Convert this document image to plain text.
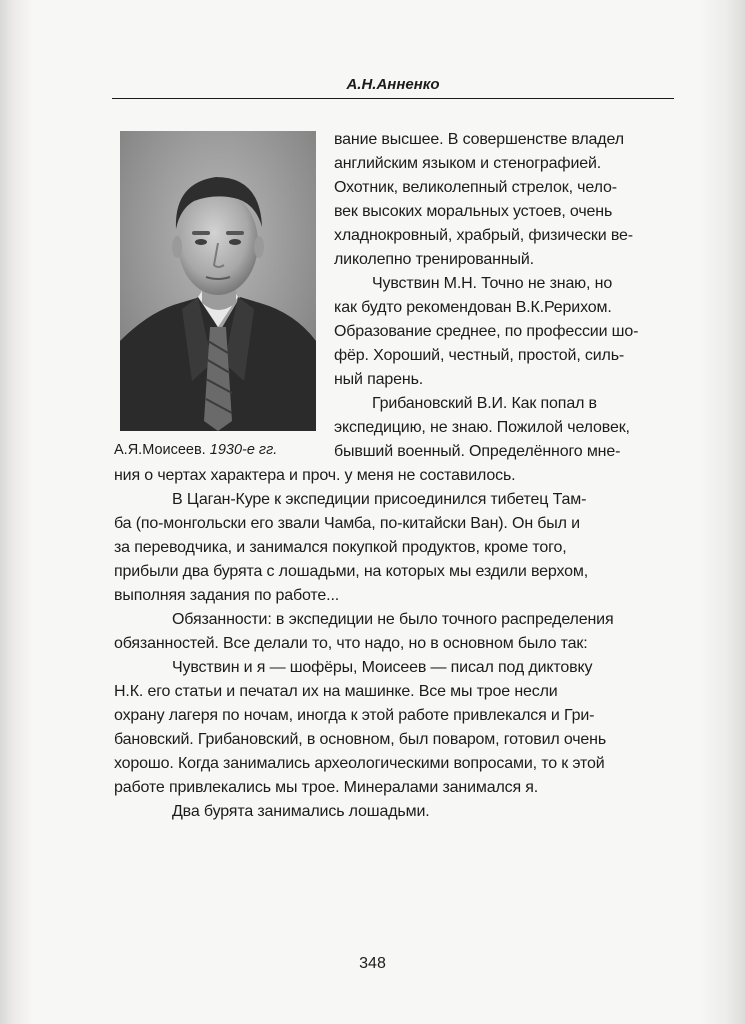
А.Н.Анненко
А.Я.Моисеев. 1930-е гг.
вание высшее. В совершенстве владел
английским языком и стенографией.
Охотник, великолепный стрелок, чело-
век высоких моральных устоев, очень
хладнокровный, храбрый, физически ве-
ликолепно тренированный.
Чувствин М.Н. Точно не знаю, но
как будто рекомендован В.К.Рерихом.
Образование среднее, по профессии шо-
фёр. Хороший, честный, простой, силь-
ный парень.
Грибановский В.И. Как попал в
экспедицию, не знаю. Пожилой человек,
бывший военный. Определённого мне-
ния о чертах характера и проч. у меня не составилось.
В Цаган-Куре к экспедиции присоединился тибетец Там-
ба (по-монгольски его звали Чамба, по-китайски Ван). Он был и
за переводчика, и занимался покупкой продуктов, кроме того,
прибыли два бурята с лошадьми, на которых мы ездили верхом,
выполняя задания по работе...
Обязанности: в экспедиции не было точного распределения
обязанностей. Все делали то, что надо, но в основном было так:
Чувствин и я — шофёры, Моисеев — писал под диктовку
Н.К. его статьи и печатал их на машинке. Все мы трое несли
охрану лагеря по ночам, иногда к этой работе привлекался и Гри-
бановский. Грибановский, в основном, был поваром, готовил очень
хорошо. Когда занимались археологическими вопросами, то к этой
работе привлекались мы трое. Минералами занимался я.
Два бурята занимались лошадьми.
348
